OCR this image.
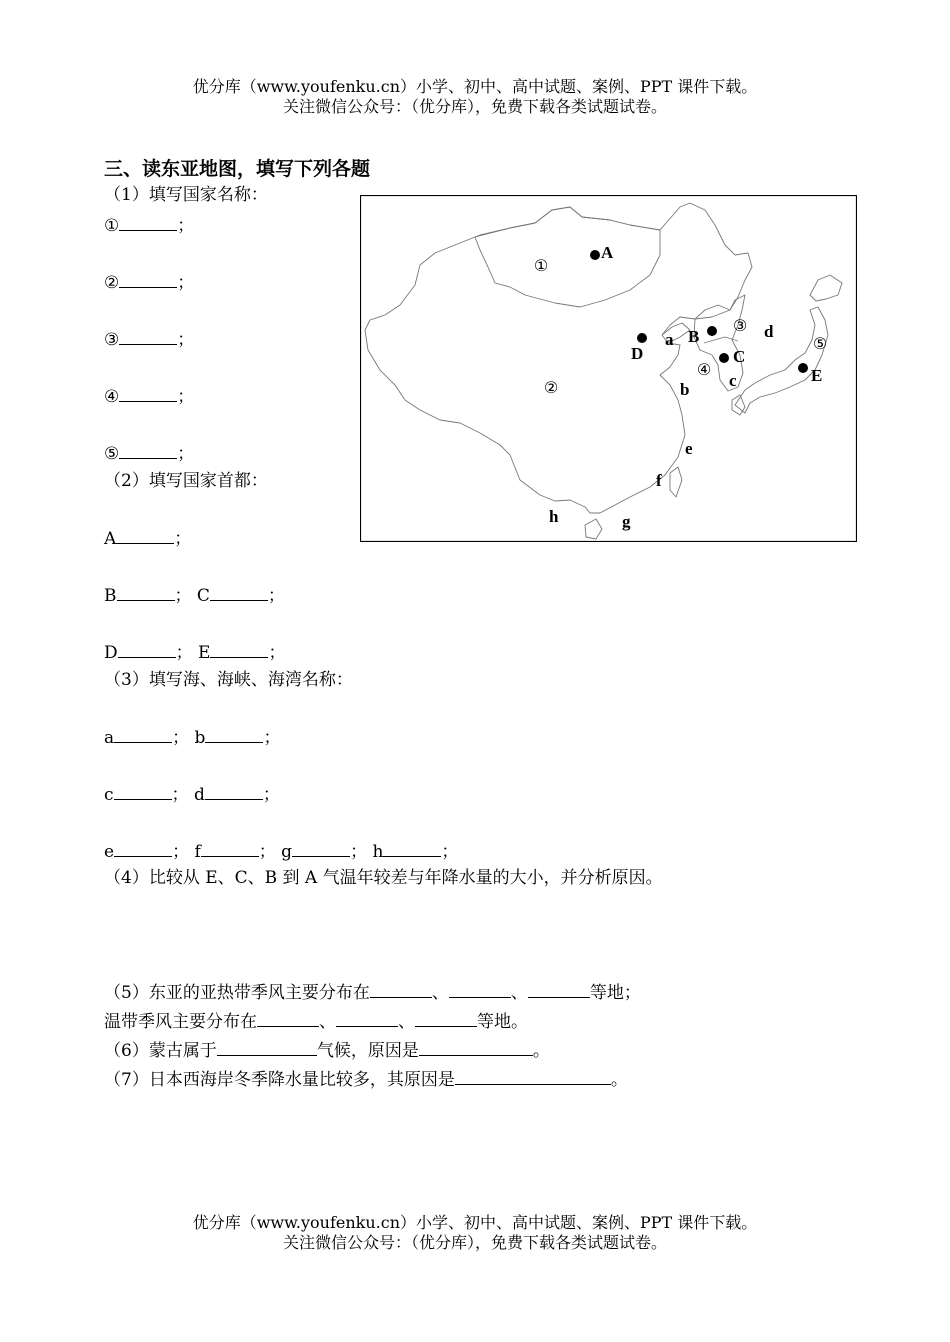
优分库（www.youfenku.cn）小学、初中、高中试题、案例、PPT 课件下载。
关注微信公众号：（优分库），免费下载各类试题试卷。
三、读东亚地图，填写下列各题
（1）填写国家名称：
①	；
②	；
③	；
④	；
⑤	；
（2）填写国家首都：
A	；
B	； C	；
D	； E	；
（3）填写海、海峡、海湾名称：
a	； b	；
c	； d	；
e	； f	； g	； h	；
（4）比较从 E、C、B 到 A 气温年较差与年降水量的大小，并分析原因。
（5）东亚的亚热带季风主要分布在	、	、	等地；
温带季风主要分布在	、	、	等地。
（6）蒙古属于	气候，原因是	。
（7）日本西海岸冬季降水量比较多，其原因是	。
①
②
③
④
⑤
A
B
C
D
E
a
b c
d
e
f
g
h
优分库（www.youfenku.cn）小学、初中、高中试题、案例、PPT 课件下载。
关注微信公众号：（优分库），免费下载各类试题试卷。
